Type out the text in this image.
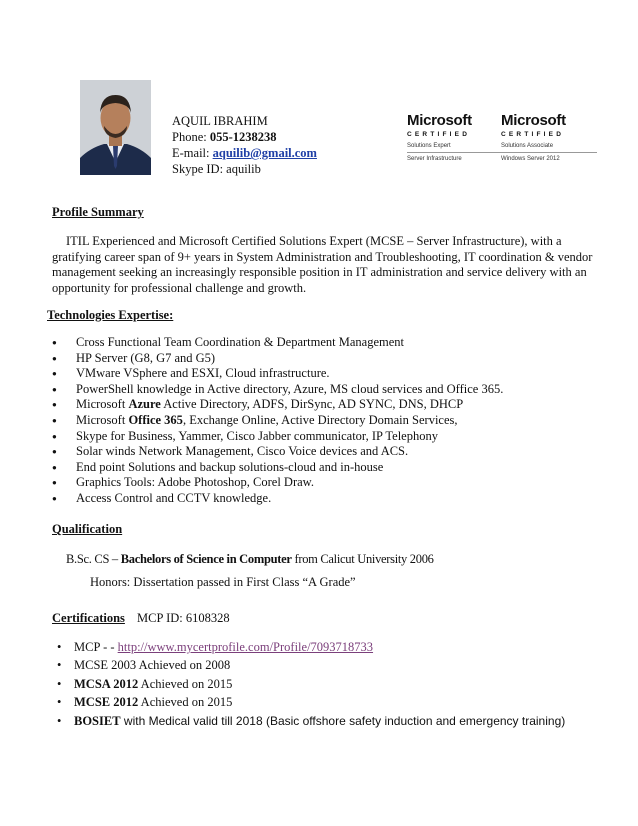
AQUIL IBRAHIM
Phone: 055-1238238
E-mail: aquilib@gmail.com
Skype ID: aquilib
Microsoft
CERTIFIED
Solutions Expert
Server Infrastructure
Microsoft
CERTIFIED
Solutions Associate
Windows Server 2012
Profile Summary
ITIL Experienced and Microsoft Certified Solutions Expert (MCSE – Server Infrastructure), with a gratifying career span of 9+ years in System Administration and Troubleshooting, IT coordination & vendor management seeking an increasingly responsible position in IT administration and service delivery with an opportunity for professional challenge and growth.
Technologies Expertise:
● Cross Functional Team Coordination & Department Management
● HP Server (G8, G7 and G5)
● VMware VSphere and ESXI, Cloud infrastructure.
● PowerShell knowledge in Active directory, Azure, MS cloud services and Office 365.
● Microsoft Azure Active Directory, ADFS, DirSync, AD SYNC, DNS, DHCP
● Microsoft Office 365, Exchange Online, Active Directory Domain Services,
● Skype for Business, Yammer, Cisco Jabber communicator, IP Telephony
● Solar winds Network Management, Cisco Voice devices and ACS.
● End point Solutions and backup solutions-cloud and in-house
● Graphics Tools: Adobe Photoshop, Corel Draw.
● Access Control and CCTV knowledge.
Qualification
B.Sc. CS – Bachelors of Science in Computer from Calicut University 2006
Honors: Dissertation passed in First Class “A Grade”
Certifications MCP ID: 6108328
• MCP - - http://www.mycertprofile.com/Profile/7093718733
• MCSE 2003 Achieved on 2008
• MCSA 2012 Achieved on 2015
• MCSE 2012 Achieved on 2015
• BOSIET with Medical valid till 2018 (Basic offshore safety induction and emergency training)
